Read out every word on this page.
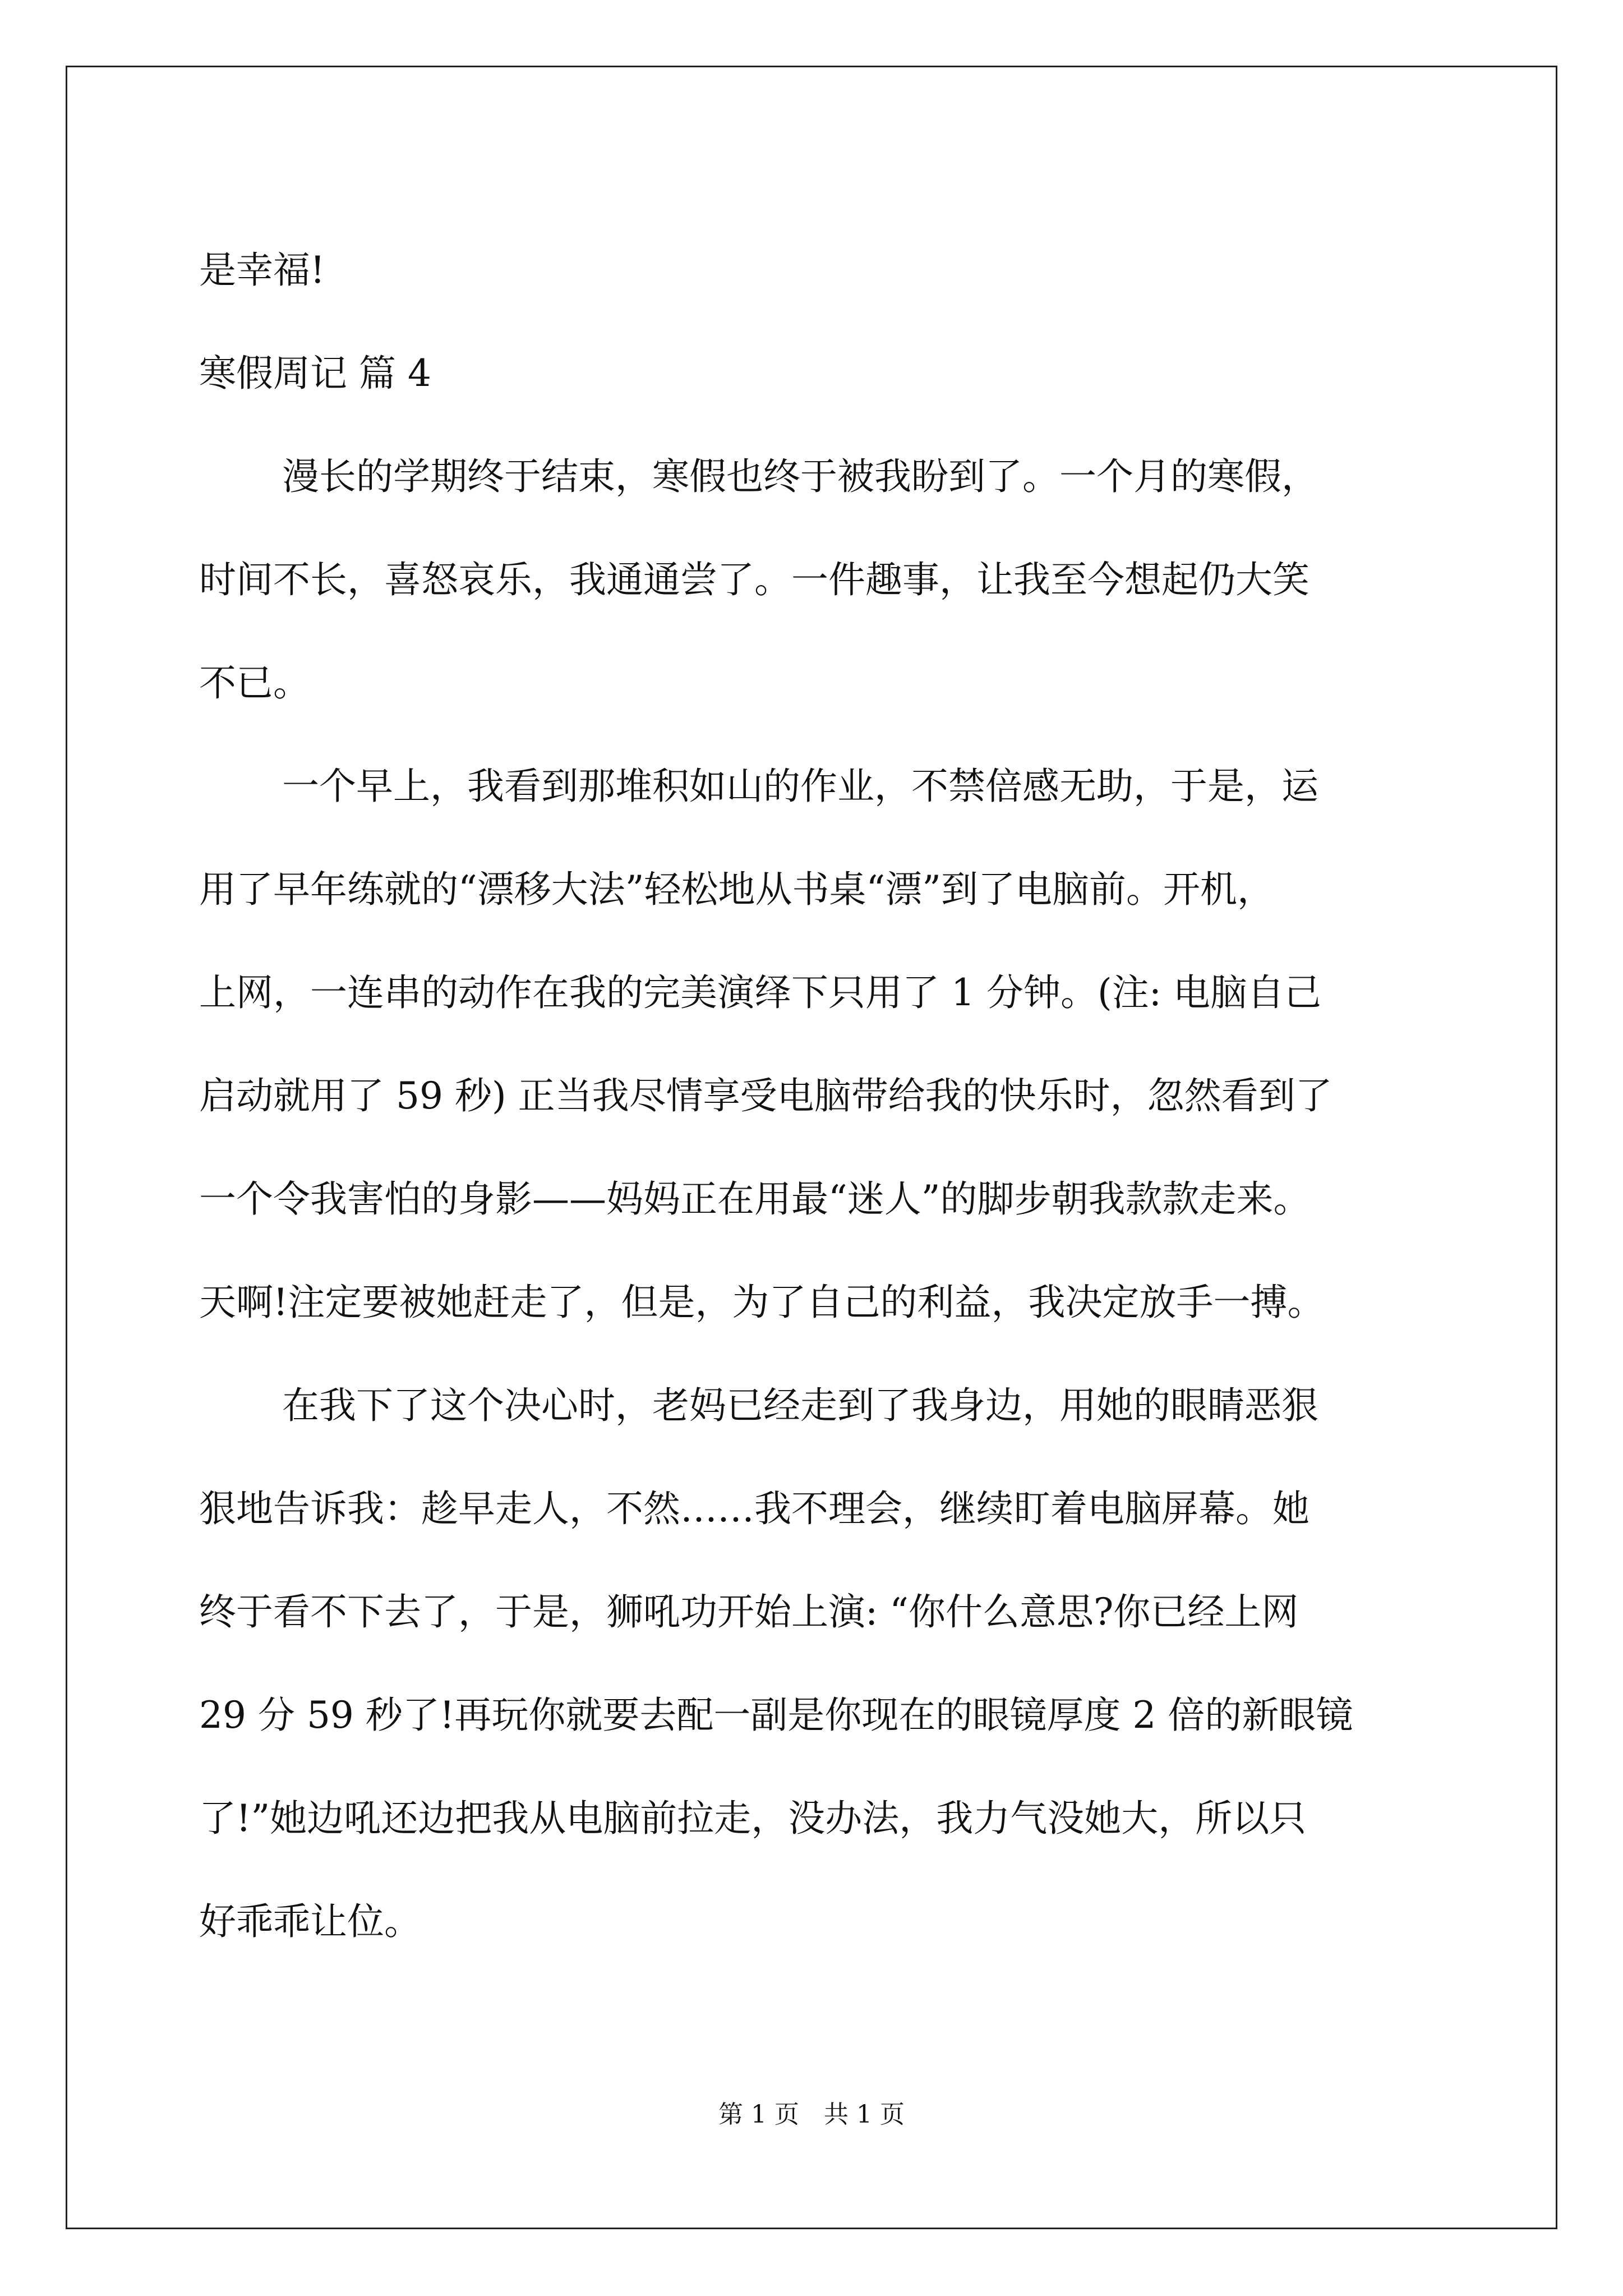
是幸福!
寒假周记 篇 4
漫长的学期终于结束，寒假也终于被我盼到了。一个月的寒假，
时间不长，喜怒哀乐，我通通尝了。一件趣事，让我至今想起仍大笑
不已。
一个早上，我看到那堆积如山的作业，不禁倍感无助，于是，运
用了早年练就的“漂移大法”轻松地从书桌“漂”到了电脑前。开机，
上网，一连串的动作在我的完美演绎下只用了 1 分钟。(注: 电脑自己
启动就用了 59 秒) 正当我尽情享受电脑带给我的快乐时，忽然看到了
一个令我害怕的身影——妈妈正在用最“迷人”的脚步朝我款款走来。
天啊!注定要被她赶走了，但是，为了自己的利益，我决定放手一搏。
在我下了这个决心时，老妈已经走到了我身边，用她的眼睛恶狠
狠地告诉我：趁早走人，不然……我不理会，继续盯着电脑屏幕。她
终于看不下去了，于是，狮吼功开始上演: “你什么意思?你已经上网
29 分 59 秒了!再玩你就要去配一副是你现在的眼镜厚度 2 倍的新眼镜
了!”她边吼还边把我从电脑前拉走，没办法，我力气没她大，所以只
好乖乖让位。
第 1 页　共 1 页
